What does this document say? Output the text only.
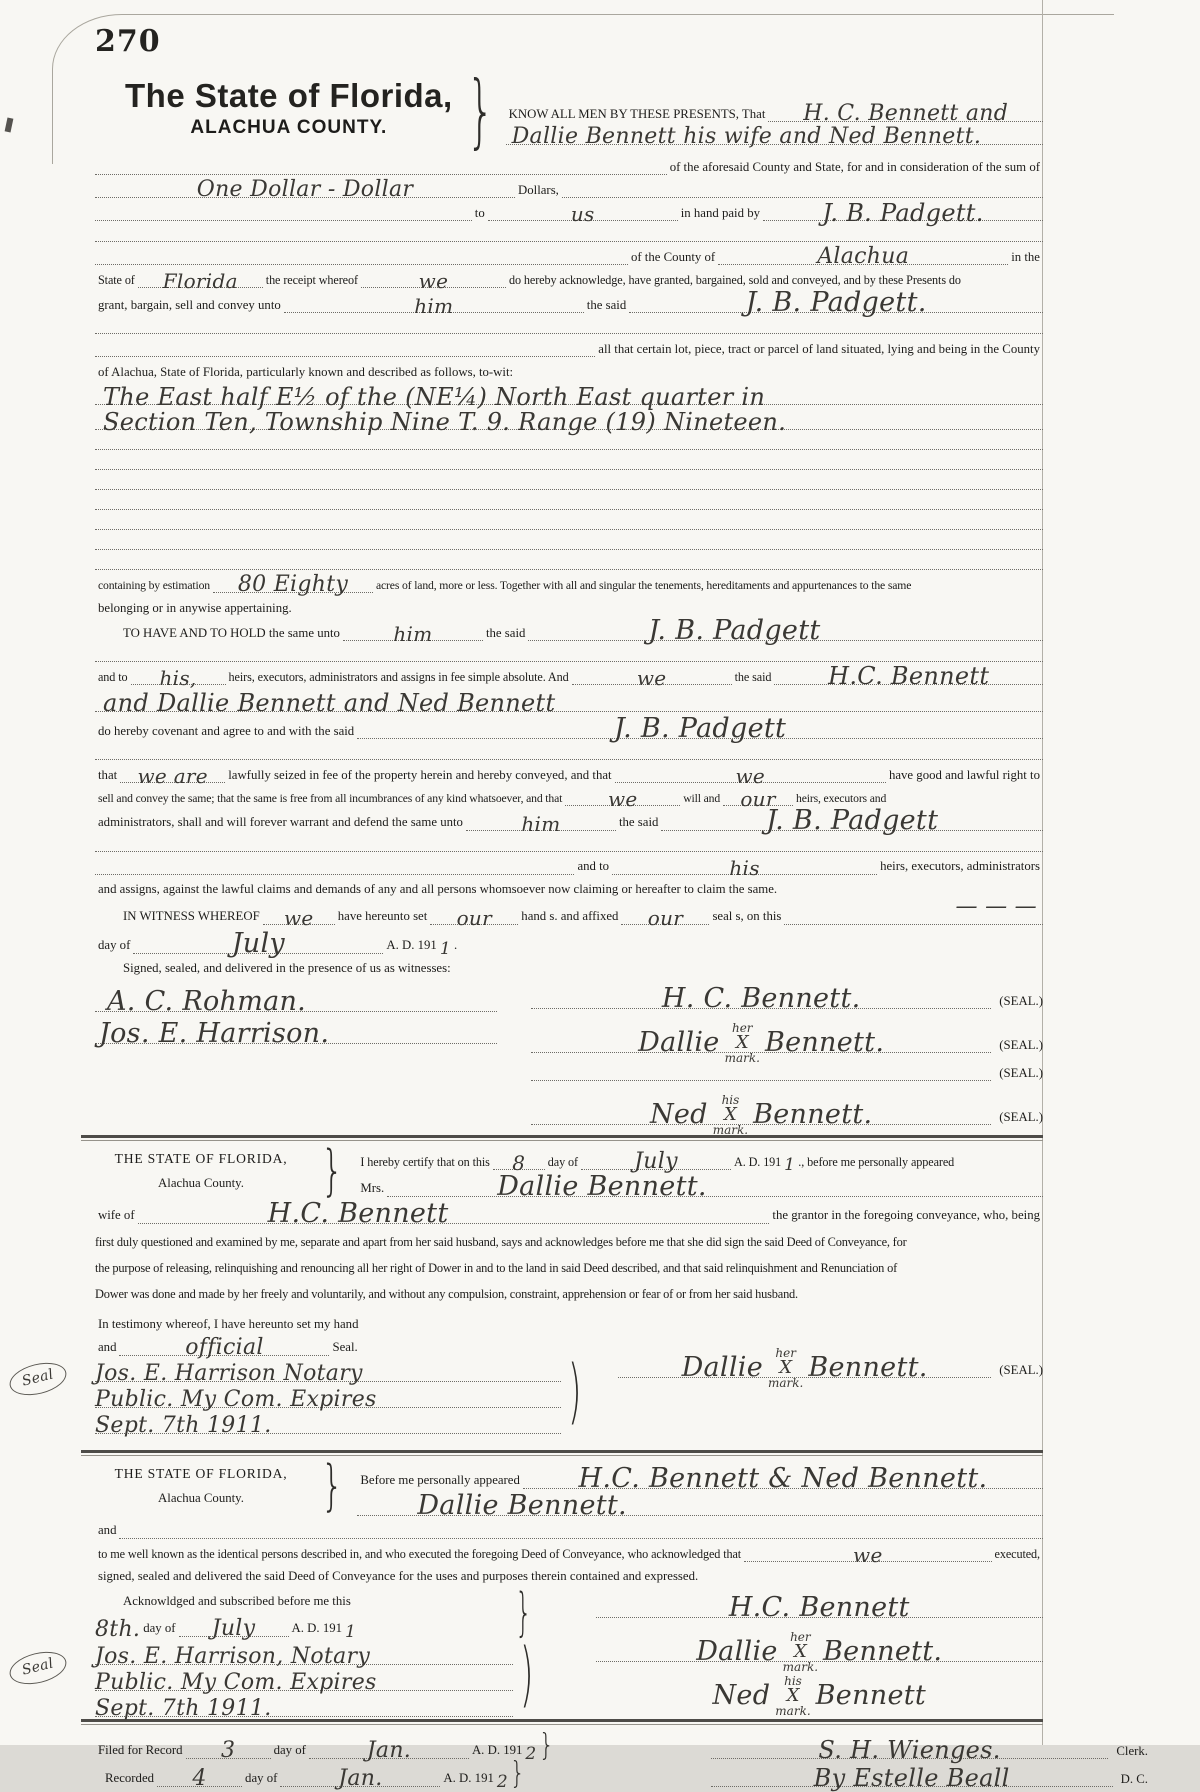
270
The State of Florida,
ALACHUA COUNTY. } KNOW ALL MEN BY THESE PRESENTS, That H. C. Bennett and
Dallie Bennett his wife and Ned Bennett.
of the aforesaid County and State, for and in consideration of the sum of
One Dollar - Dollar	Dollars,
to	us	in hand paid by	J. B. Padgett.
of the County of	Alachua	in the
State of Florida the receipt whereof	we	do hereby acknowledge, have granted, bargained, sold and conveyed, and by these Presents do
grant, bargain, sell and convey unto	him	the said	J. B. Padgett.
all that certain lot, piece, tract or parcel of land situated, lying and being in the County
of Alachua, State of Florida, particularly known and described as follows, to-wit:
The East half E½ of the (NE¼) North East quarter in
Section Ten, Township Nine T. 9. Range (19) Nineteen.
containing by estimation 80 Eighty acres of land, more or less. Together with all and singular the tenements, hereditaments and appurtenances to the same
belonging or in anywise appertaining.
TO HAVE AND TO HOLD the same unto	him	the said	J. B. Padgett
and to his,	heirs, executors, administrators and assigns in fee simple absolute. And	we	the said H.C. Bennett
and Dallie Bennett and Ned Bennett
do hereby covenant and agree to and with the said	J. B. Padgett
that we are lawfully seized in fee of the property herein and hereby conveyed, and that	we	have good and lawful right to
sell and convey the same; that the same is free from all incumbrances of any kind whatsoever, and that we	will and our heirs, executors and
administrators, shall and will forever warrant and defend the same unto	him	the said	J. B. Padgett
and to	his	heirs, executors, administrators
and assigns, against the lawful claims and demands of any and all persons whomsoever now claiming or hereafter to claim the same.
IN WITNESS WHEREOF we have hereunto set our hand s. and affixed our seal s, on this	— — —
day of	July	A. D. 191 1 .
Signed, sealed, and delivered in the presence of us as witnesses:
A. C. Rohman.
Jos. E. Harrison.
H. C. Bennett.	(SEAL.)
Dallie her
X
mark. Bennett.	(SEAL.)
(SEAL.)
Ned his
X
mark. Bennett.	(SEAL.)
THE STATE OF FLORIDA,
Alachua County.	} I hereby certify that on this 8 day of	July	A. D. 191 1 ., before me personally appeared
Mrs.	Dallie Bennett.
wife of	H.C. Bennett	the grantor in the foregoing conveyance, who, being
first duly questioned and examined by me, separate and apart from her said husband, says and acknowledges before me that she did sign the said Deed of Conveyance, for
the purpose of releasing, relinquishing and renouncing all her right of Dower in and to the land in said Deed described, and that said relinquishment and Renunciation of
Dower was done and made by her freely and voluntarily, and without any compulsion, constraint, apprehension or fear of or from her said husband.
In testimony whereof, I have hereunto set my hand
and	official	Seal.
Seal Jos. E. Harrison Notary
Public. My Com. Expires
Sept. 7th 1911.	)	Dallie her
X
mark. Bennett.	(SEAL.)
THE STATE OF FLORIDA,
Alachua County.	} Before me personally appeared H.C. Bennett & Ned Bennett.
Dallie Bennett.
and
to me well known as the identical persons described in, and who executed the foregoing Deed of Conveyance, who acknowledged that	we	executed,
signed, sealed and delivered the said Deed of Conveyance for the uses and purposes therein contained and expressed.
Acknowldged and subscribed before me this
8th. day of July	A. D. 191 1	}
Seal Jos. E. Harrison, Notary
Public. My Com. Expires
Sept. 7th 1911.	)
H.C. Bennett
Dallie her
X
mark. Bennett.
Ned his
X
mark. Bennett
Filed for Record 3	day of	Jan.	A. D. 191 2 }
Recorded 4	day of	Jan.	A. D. 191 2 }
S. H. Wienges.	Clerk.
By Estelle Beall	D. C.
